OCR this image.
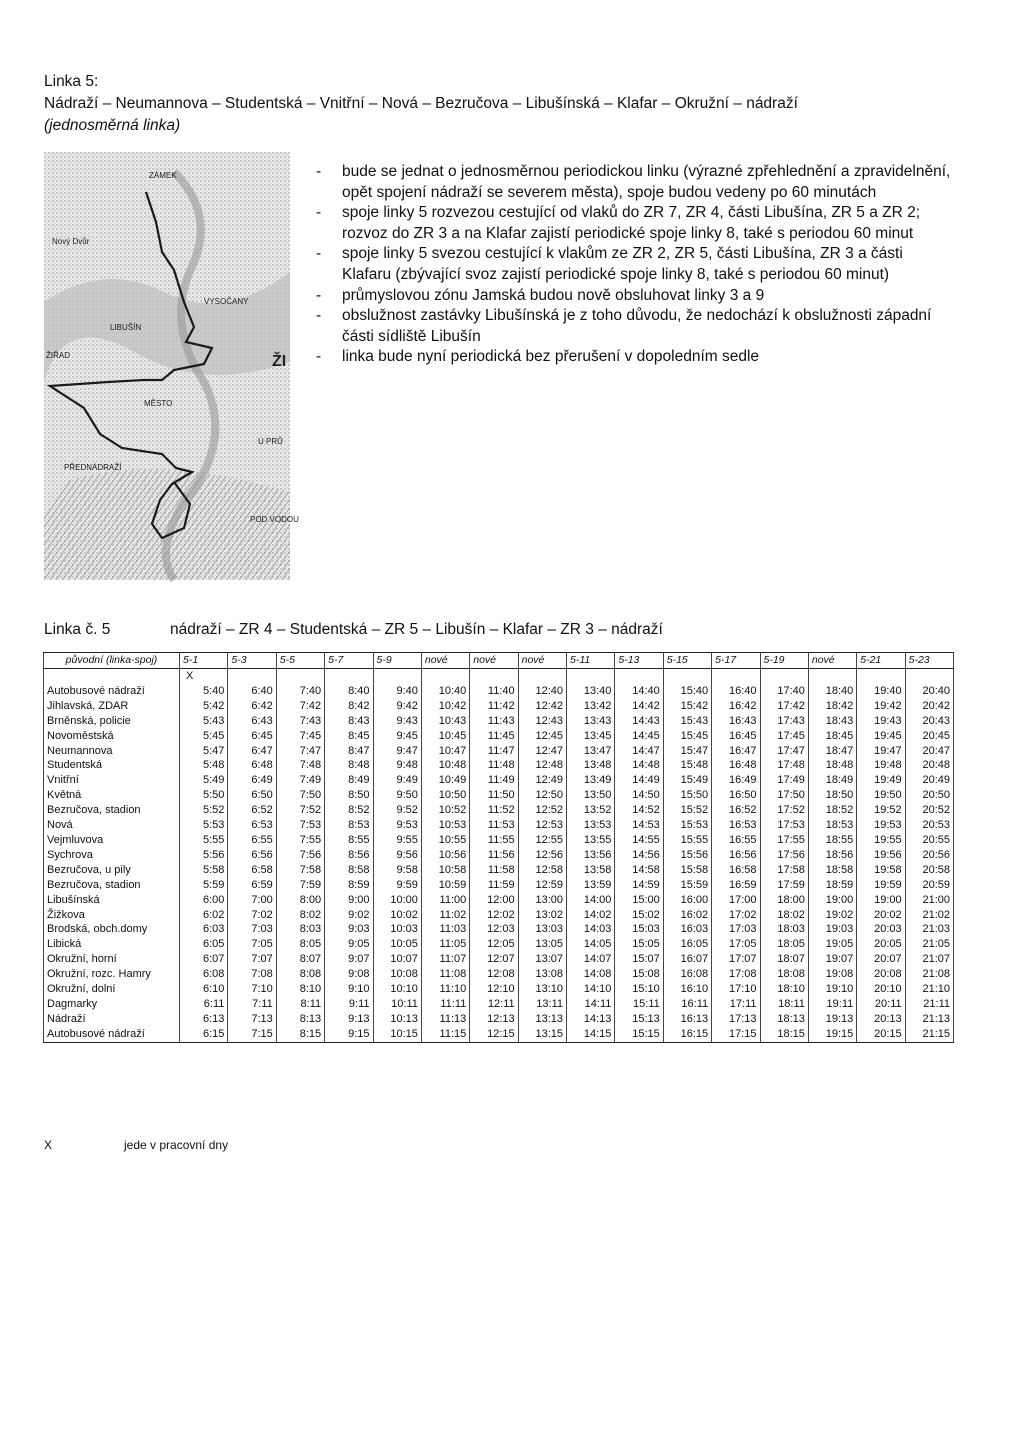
Linka 5:
Nádraží – Neumannova – Studentská – Vnitřní – Nová – Bezručova – Libušínská – Klafar – Okružní – nádraží
(jednosměrná linka)
ZÁMEK
Nový Dvůr
VYSOČANY
LIBUŠÍN
ŽIŘAD	ŽI
MĚSTO
U PRŮ
PŘEDNÁDRAŽÍ
POD VODOU
- bude se jednat o jednosměrnou periodickou linku (výrazné zpřehlednění a zpravidelnění, opět spojení nádraží se severem města), spoje budou vedeny po 60 minutách
- spoje linky 5 rozvezou cestující od vlaků do ZR 7, ZR 4, části Libušína, ZR 5 a ZR 2; rozvoz do ZR 3 a na Klafar zajistí periodické spoje linky 8, také s periodou 60 minut
- spoje linky 5 svezou cestující k vlakům ze ZR 2, ZR 5, části Libušína, ZR 3 a části Klafaru (zbývající svoz zajistí periodické spoje linky 8, také s periodou 60 minut)
- průmyslovou zónu Jamská budou nově obsluhovat linky 3 a 9
- obslužnost zastávky Libušínská je z toho důvodu, že nedochází k obslužnosti západní části sídliště Libušín
- linka bude nyní periodická bez přerušení v dopoledním sedle
Linka č. 5	nádraží – ZR 4 – Studentská – ZR 5 – Libušín – Klafar – ZR 3 – nádraží
původní (linka-spoj)	5-1	5-3	5-5	5-7	5-9	nové	nové	nové	5-11	5-13	5-15	5-17	5-19	nové	5-21	5-23
	X															
Autobusové nádraží	5:40	6:40	7:40	8:40	9:40	10:40	11:40	12:40	13:40	14:40	15:40	16:40	17:40	18:40	19:40	20:40
Jihlavská, ZDAR	5:42	6:42	7:42	8:42	9:42	10:42	11:42	12:42	13:42	14:42	15:42	16:42	17:42	18:42	19:42	20:42
Brněnská, policie	5:43	6:43	7:43	8:43	9:43	10:43	11:43	12:43	13:43	14:43	15:43	16:43	17:43	18:43	19:43	20:43
Novoměstská	5:45	6:45	7:45	8:45	9:45	10:45	11:45	12:45	13:45	14:45	15:45	16:45	17:45	18:45	19:45	20:45
Neumannova	5:47	6:47	7:47	8:47	9:47	10:47	11:47	12:47	13:47	14:47	15:47	16:47	17:47	18:47	19:47	20:47
Studentská	5:48	6:48	7:48	8:48	9:48	10:48	11:48	12:48	13:48	14:48	15:48	16:48	17:48	18:48	19:48	20:48
Vnitřní	5:49	6:49	7:49	8:49	9:49	10:49	11:49	12:49	13:49	14:49	15:49	16:49	17:49	18:49	19:49	20:49
Květná	5:50	6:50	7:50	8:50	9:50	10:50	11:50	12:50	13:50	14:50	15:50	16:50	17:50	18:50	19:50	20:50
Bezručova, stadion	5:52	6:52	7:52	8:52	9:52	10:52	11:52	12:52	13:52	14:52	15:52	16:52	17:52	18:52	19:52	20:52
Nová	5:53	6:53	7:53	8:53	9:53	10:53	11:53	12:53	13:53	14:53	15:53	16:53	17:53	18:53	19:53	20:53
Vejmluvova	5:55	6:55	7:55	8:55	9:55	10:55	11:55	12:55	13:55	14:55	15:55	16:55	17:55	18:55	19:55	20:55
Sychrova	5:56	6:56	7:56	8:56	9:56	10:56	11:56	12:56	13:56	14:56	15:56	16:56	17:56	18:56	19:56	20:56
Bezručova, u pily	5:58	6:58	7:58	8:58	9:58	10:58	11:58	12:58	13:58	14:58	15:58	16:58	17:58	18:58	19:58	20:58
Bezručova, stadion	5:59	6:59	7:59	8:59	9:59	10:59	11:59	12:59	13:59	14:59	15:59	16:59	17:59	18:59	19:59	20:59
Libušínská	6:00	7:00	8:00	9:00	10:00	11:00	12:00	13:00	14:00	15:00	16:00	17:00	18:00	19:00	19:00	21:00
Žižkova	6:02	7:02	8:02	9:02	10:02	11:02	12:02	13:02	14:02	15:02	16:02	17:02	18:02	19:02	20:02	21:02
Brodská, obch.domy	6:03	7:03	8:03	9:03	10:03	11:03	12:03	13:03	14:03	15:03	16:03	17:03	18:03	19:03	20:03	21:03
Libická	6:05	7:05	8:05	9:05	10:05	11:05	12:05	13:05	14:05	15:05	16:05	17:05	18:05	19:05	20:05	21:05
Okružní, horní	6:07	7:07	8:07	9:07	10:07	11:07	12:07	13:07	14:07	15:07	16:07	17:07	18:07	19:07	20:07	21:07
Okružní, rozc. Hamry	6:08	7:08	8:08	9:08	10:08	11:08	12:08	13:08	14:08	15:08	16:08	17:08	18:08	19:08	20:08	21:08
Okružní, dolní	6:10	7:10	8:10	9:10	10:10	11:10	12:10	13:10	14:10	15:10	16:10	17:10	18:10	19:10	20:10	21:10
Dagmarky	6:11	7:11	8:11	9:11	10:11	11:11	12:11	13:11	14:11	15:11	16:11	17:11	18:11	19:11	20:11	21:11
Nádraží	6:13	7:13	8:13	9:13	10:13	11:13	12:13	13:13	14:13	15:13	16:13	17:13	18:13	19:13	20:13	21:13
Autobusové nádraží	6:15	7:15	8:15	9:15	10:15	11:15	12:15	13:15	14:15	15:15	16:15	17:15	18:15	19:15	20:15	21:15
X	jede v pracovní dny
